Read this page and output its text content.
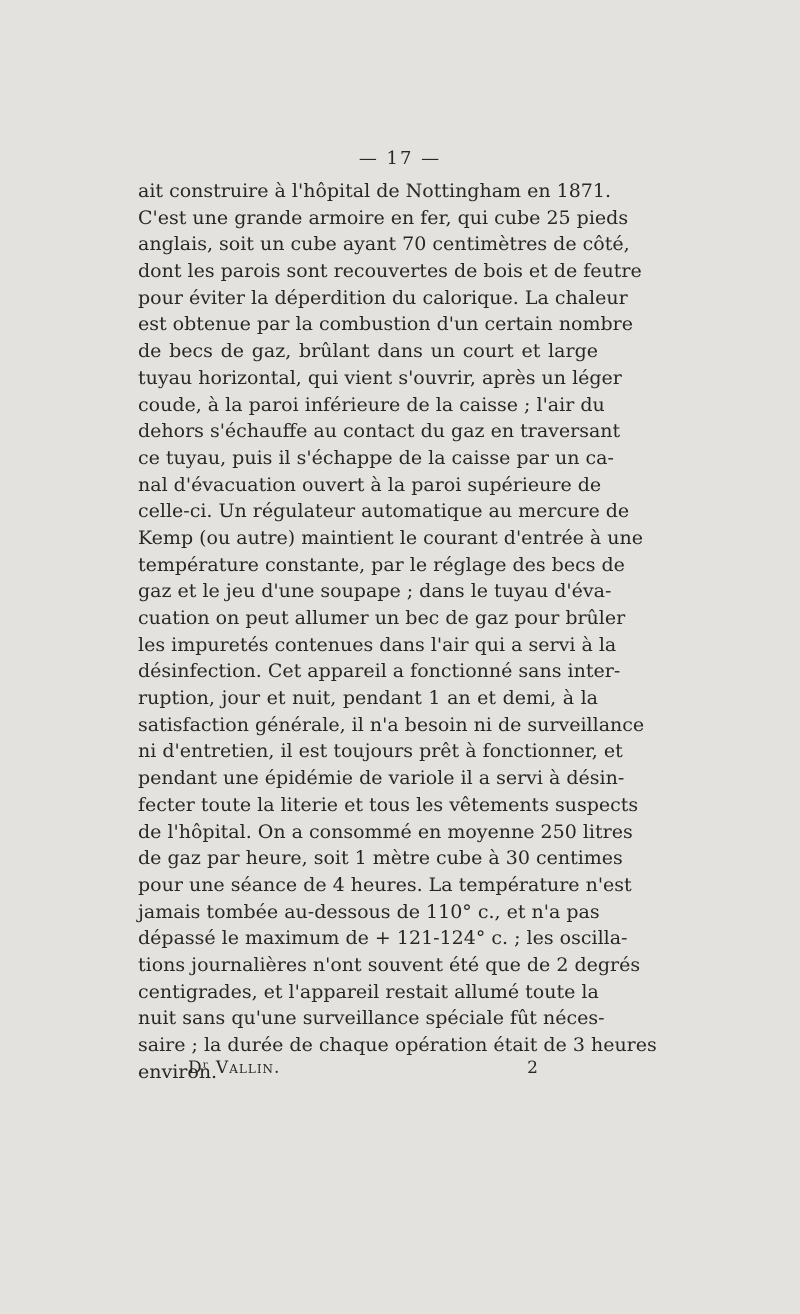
— 17 —
ait construire à l'hôpital de Nottingham en 1871.
C'est une grande armoire en fer, qui cube 25 pieds
anglais, soit un cube ayant 70 centimètres de côté,
dont les parois sont recouvertes de bois et de feutre
pour éviter la déperdition du calorique. La chaleur
est obtenue par la combustion d'un certain nombre
de becs de gaz, brûlant dans un court et large
tuyau horizontal, qui vient s'ouvrir, après un léger
coude, à la paroi inférieure de la caisse ; l'air du
dehors s'échauffe au contact du gaz en traversant
ce tuyau, puis il s'échappe de la caisse par un ca-
nal d'évacuation ouvert à la paroi supérieure de
celle-ci. Un régulateur automatique au mercure de
Kemp (ou autre) maintient le courant d'entrée à une
température constante, par le réglage des becs de
gaz et le jeu d'une soupape ; dans le tuyau d'éva-
cuation on peut allumer un bec de gaz pour brûler
les impuretés contenues dans l'air qui a servi à la
désinfection. Cet appareil a fonctionné sans inter-
ruption, jour et nuit, pendant 1 an et demi, à la
satisfaction générale, il n'a besoin ni de surveillance
ni d'entretien, il est toujours prêt à fonctionner, et
pendant une épidémie de variole il a servi à désin-
fecter toute la literie et tous les vêtements suspects
de l'hôpital. On a consommé en moyenne 250 litres
de gaz par heure, soit 1 mètre cube à 30 centimes
pour une séance de 4 heures. La température n'est
jamais tombée au-dessous de 110° c., et n'a pas
dépassé le maximum de + 121-124° c. ; les oscilla-
tions journalières n'ont souvent été que de 2 degrés
centigrades, et l'appareil restait allumé toute la
nuit sans qu'une surveillance spéciale fût néces-
saire ; la durée de chaque opération était de 3 heures
environ.
Dʳ Vallin.	2
